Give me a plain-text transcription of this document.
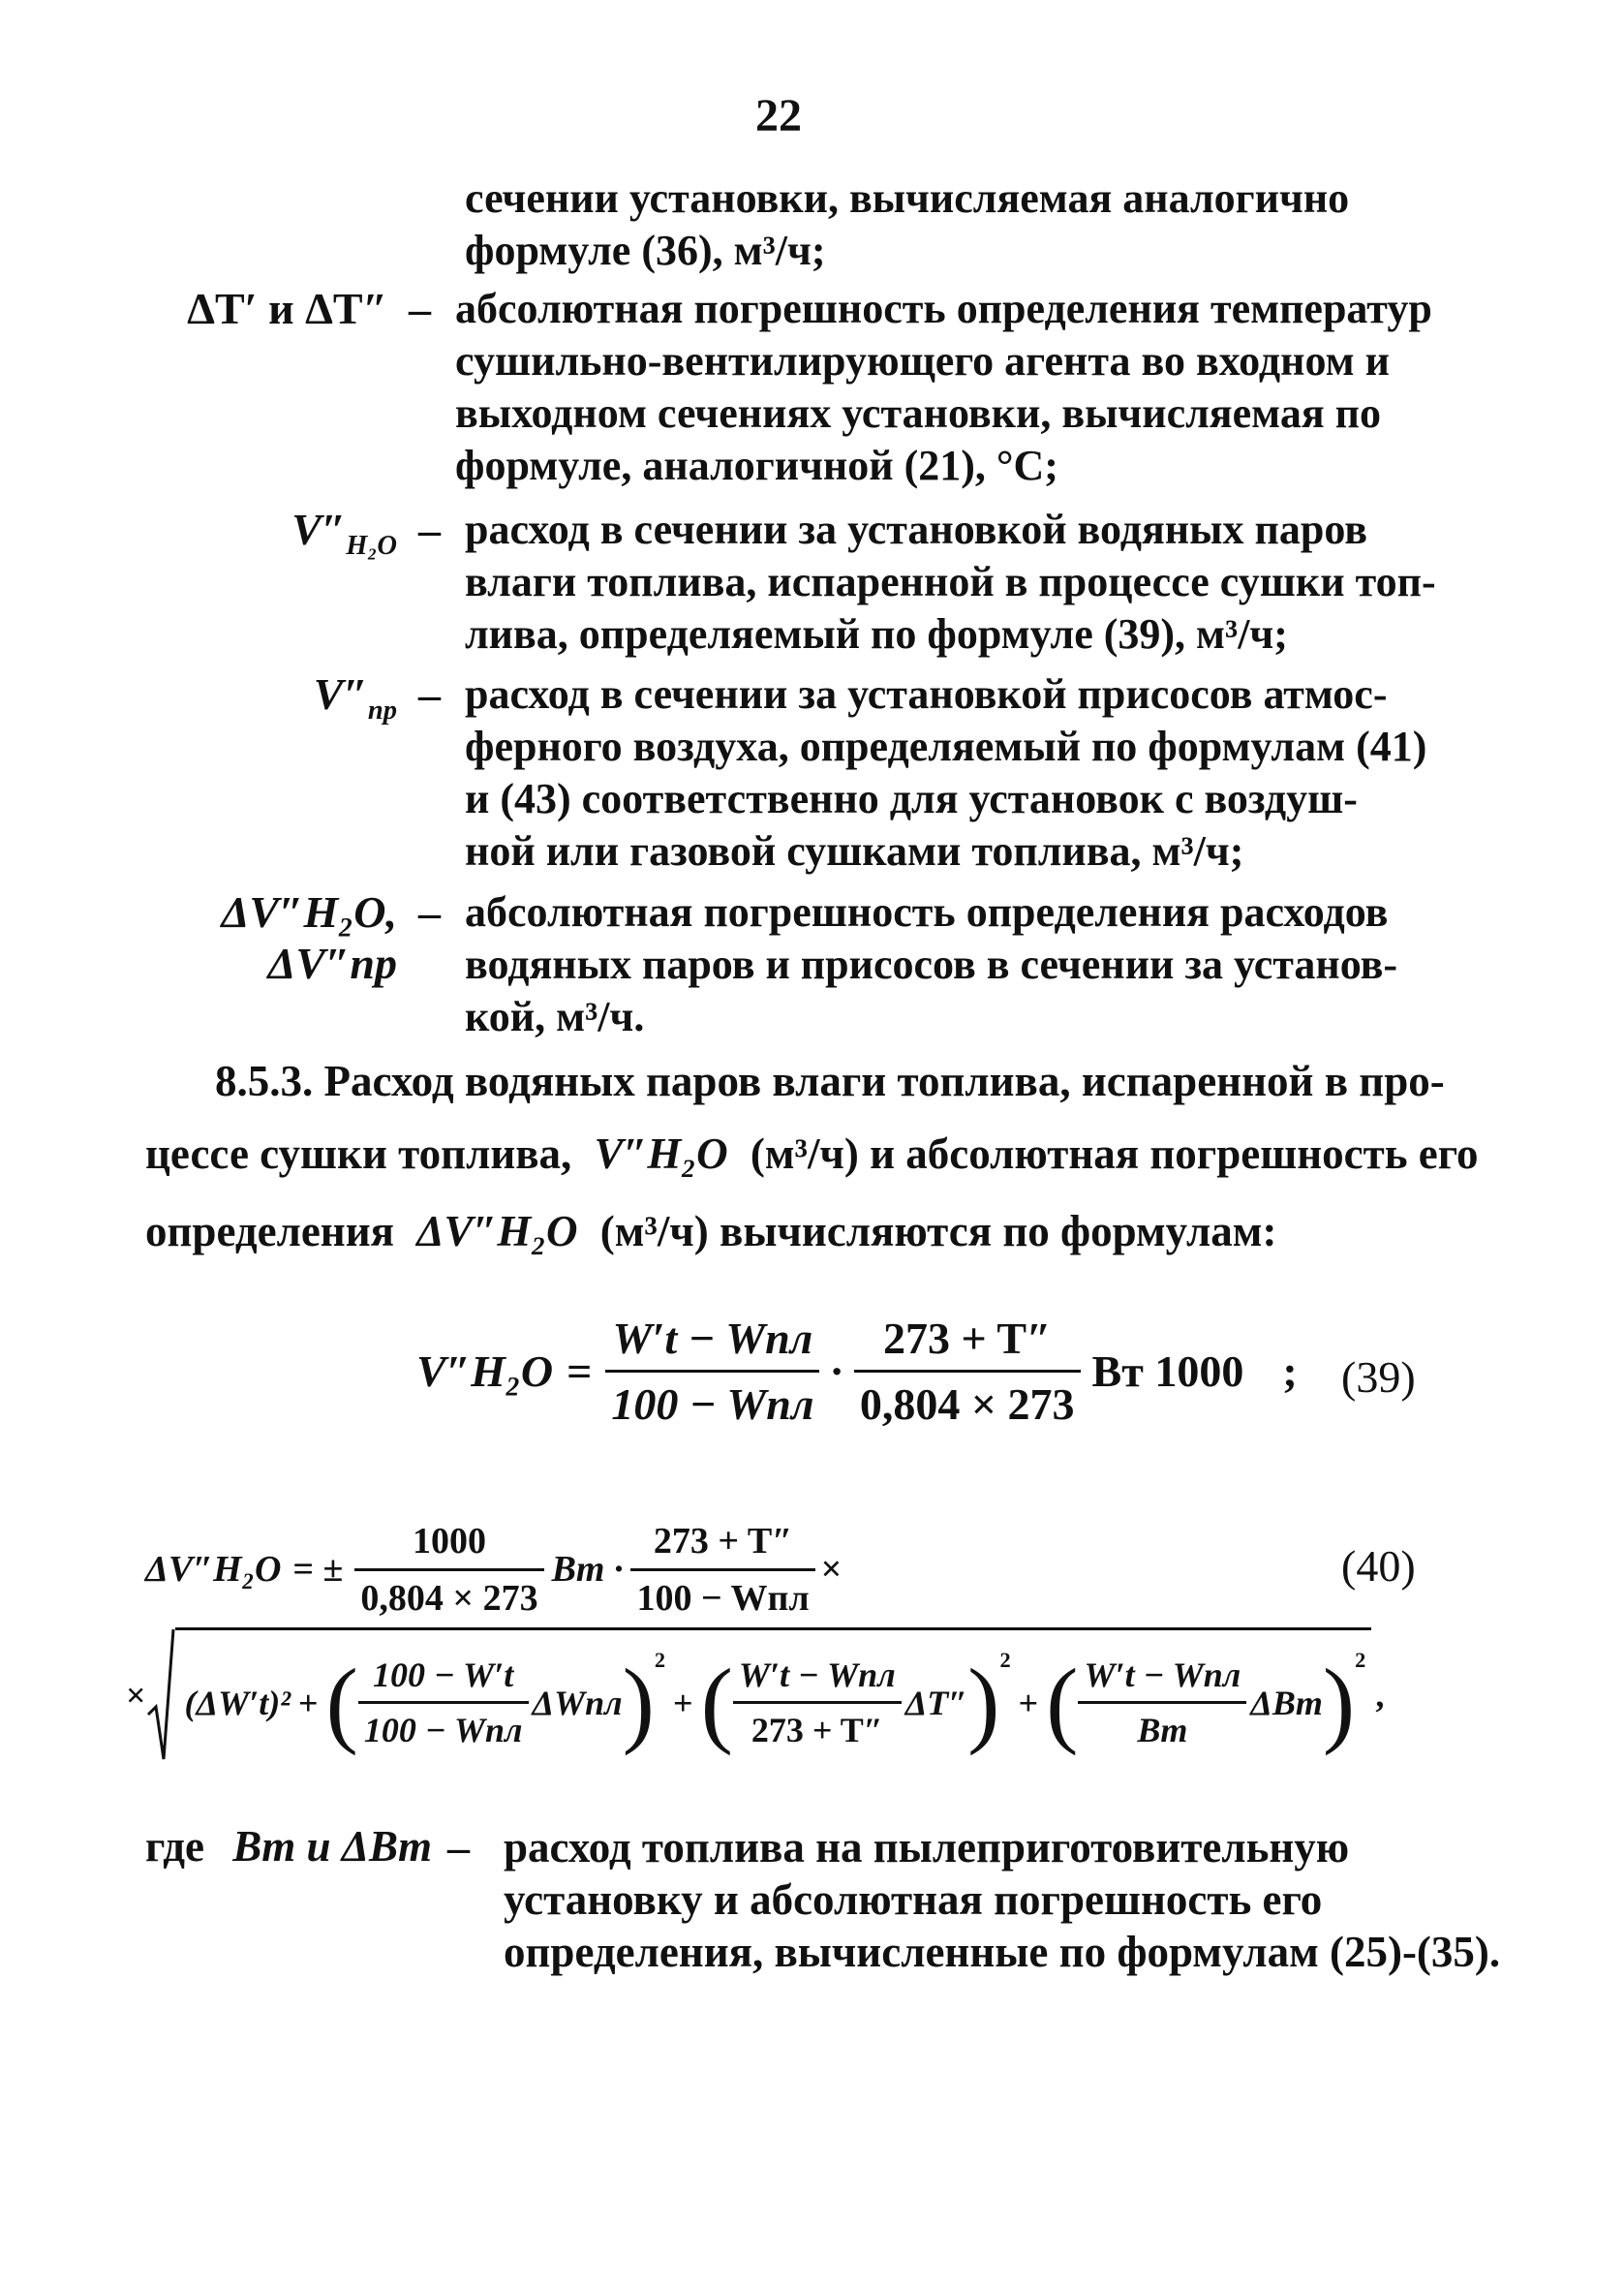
22
сечении установки, вычисляемая аналогично
формуле (36), м³/ч;
ΔT′ и ΔT″ – абсолютная погрешность определения температур
сушильно-вентилирующего агента во входном и
выходном сечениях установки, вычисляемая по
формуле, аналогичной (21), °С;
$V''_{H_2O}$ – расход в сечении за установкой водяных паров
влаги топлива, испаренной в процессе сушки топ-
лива, определяемый по формуле (39), м³/ч;
$V''_{пр}$ – расход в сечении за установкой присосов атмос-
ферного воздуха, определяемый по формулам (41)
и (43) соответственно для установок с воздуш-
ной или газовой сушками топлива, м³/ч;
ΔV″H₂O, ΔV″пр
– абсолютная погрешность определения расходов
водяных паров и присосов в сечении за установ-
кой, м³/ч.
8.5.3. Расход водяных паров влаги топлива, испаренной в про-
цессе сушки топлива, V″H₂O (м³/ч) и абсолютная погрешность его
определения ΔV″H₂O (м³/ч) вычисляются по формулам:
$V''H_2O = \frac{\text{W′t − Wпл}}{\text{100 − Wпл}} \cdot \frac{273 + T''}{0,804 \times 273}$ Bт 1000 ; (39)
ΔV″H₂O = ± $\frac{1000}{0,804 \times 273}$ Bт · $\frac{273 + T''}{\text{100 − Wпл}}$ ×	(40)
× (ΔW′t)² + ( $\frac{100 - W't}{\text{100 − Wпл}}$ ΔWпл ) 2
+ ( $\frac{\text{W′t − Wпл}}{273 + T''} \Delta T''$ ) 2
+ ( $\frac{\text{W′t − Wпл}}{Bт}$ ΔBт ) 2
,
где Bт и ΔBт – расход топлива на пылеприготовительную
установку и абсолютная погрешность его
определения, вычисленные по формулам (25)-(35).
